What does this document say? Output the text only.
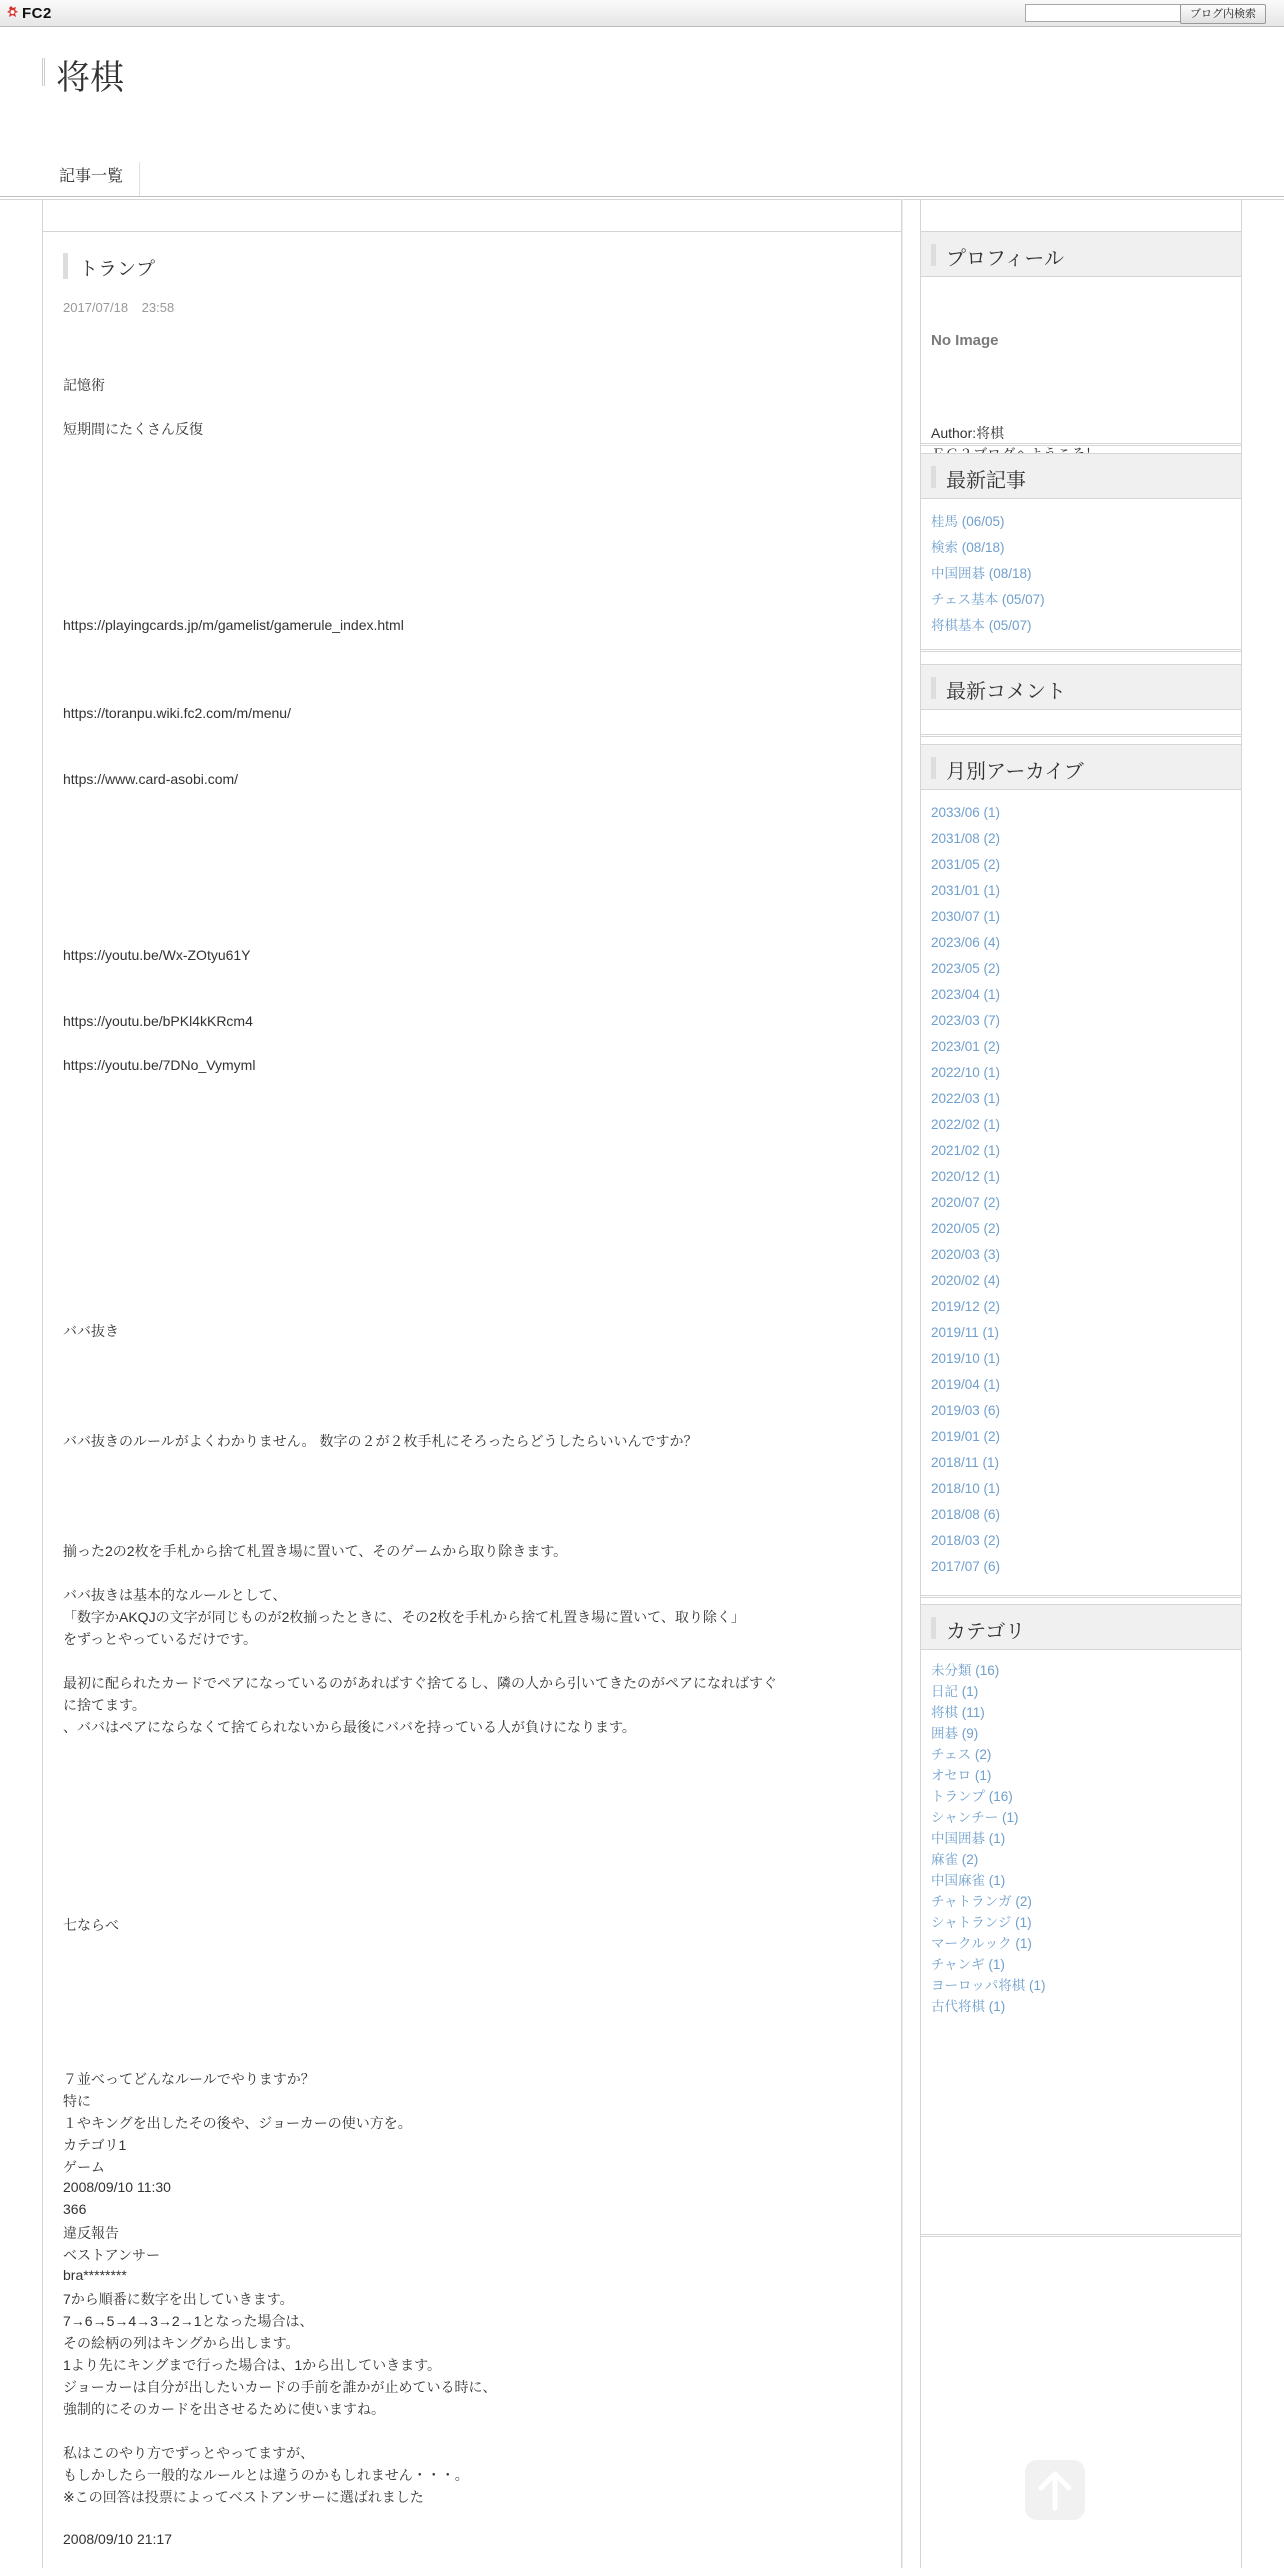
FC2	ブログ内検索
将棋
記事一覧
トランプ
2017/07/18 23:58
記憶術
短期間にたくさん反復
https://playingcards.jp/m/gamelist/gamerule_index.html
https://toranpu.wiki.fc2.com/m/menu/
https://www.card-asobi.com/
https://youtu.be/Wx-ZOtyu61Y
https://youtu.be/bPKl4kKRcm4
https://youtu.be/7DNo_Vymyml
ババ抜き
ババ抜きのルールがよくわかりません。 数字の２が２枚手札にそろったらどうしたらいいんですか？
揃った2の2枚を手札から捨て札置き場に置いて、そのゲームから取り除きます。
ババ抜きは基本的なルールとして、
「数字かAKQJの文字が同じものが2枚揃ったときに、その2枚を手札から捨て札置き場に置いて、取り除く」
をずっとやっているだけです。
最初に配られたカードでペアになっているのがあればすぐ捨てるし、隣の人から引いてきたのがペアになればすぐ
に捨てます。
、ババはペアにならなくて捨てられないから最後にババを持っている人が負けになります。
七ならべ
７並べってどんなルールでやりますか？
特に
１やキングを出したその後や、ジョーカーの使い方を。
カテゴリ1
ゲーム
2008/09/10 11:30
366
違反報告
ベストアンサー
bra********
7から順番に数字を出していきます。
7→6→5→4→3→2→1となった場合は、
その絵柄の列はキングから出します。
1より先にキングまで行った場合は、1から出していきます。
ジョーカーは自分が出したいカードの手前を誰かが止めている時に、
強制的にそのカードを出させるために使いますね。
私はこのやり方でずっとやってますが、
もしかしたら一般的なルールとは違うのかもしれません・・・。
※この回答は投票によってベストアンサーに選ばれました
2008/09/10 21:17
プロフィール
No Image
Author:将棋
最新記事
桂馬 (06/05)
検索 (08/18)
中国囲碁 (08/18)
チェス基本 (05/07)
将棋基本 (05/07)
最新コメント
月別アーカイブ
2033/06 (1)
2031/08 (2)
2031/05 (2)
2031/01 (1)
2030/07 (1)
2023/06 (4)
2023/05 (2)
2023/04 (1)
2023/03 (7)
2023/01 (2)
2022/10 (1)
2022/03 (1)
2022/02 (1)
2021/02 (1)
2020/12 (1)
2020/07 (2)
2020/05 (2)
2020/03 (3)
2020/02 (4)
2019/12 (2)
2019/11 (1)
2019/10 (1)
2019/04 (1)
2019/03 (6)
2019/01 (2)
2018/11 (1)
2018/10 (1)
2018/08 (6)
2018/03 (2)
2017/07 (6)
カテゴリ
未分類 (16)
日記 (1)
将棋 (11)
囲碁 (9)
チェス (2)
オセロ (1)
トランプ (16)
シャンチー (1)
中国囲碁 (1)
麻雀 (2)
中国麻雀 (1)
チャトランガ (2)
シャトランジ (1)
マークルック (1)
チャンギ (1)
ヨーロッパ将棋 (1)
古代将棋 (1)
